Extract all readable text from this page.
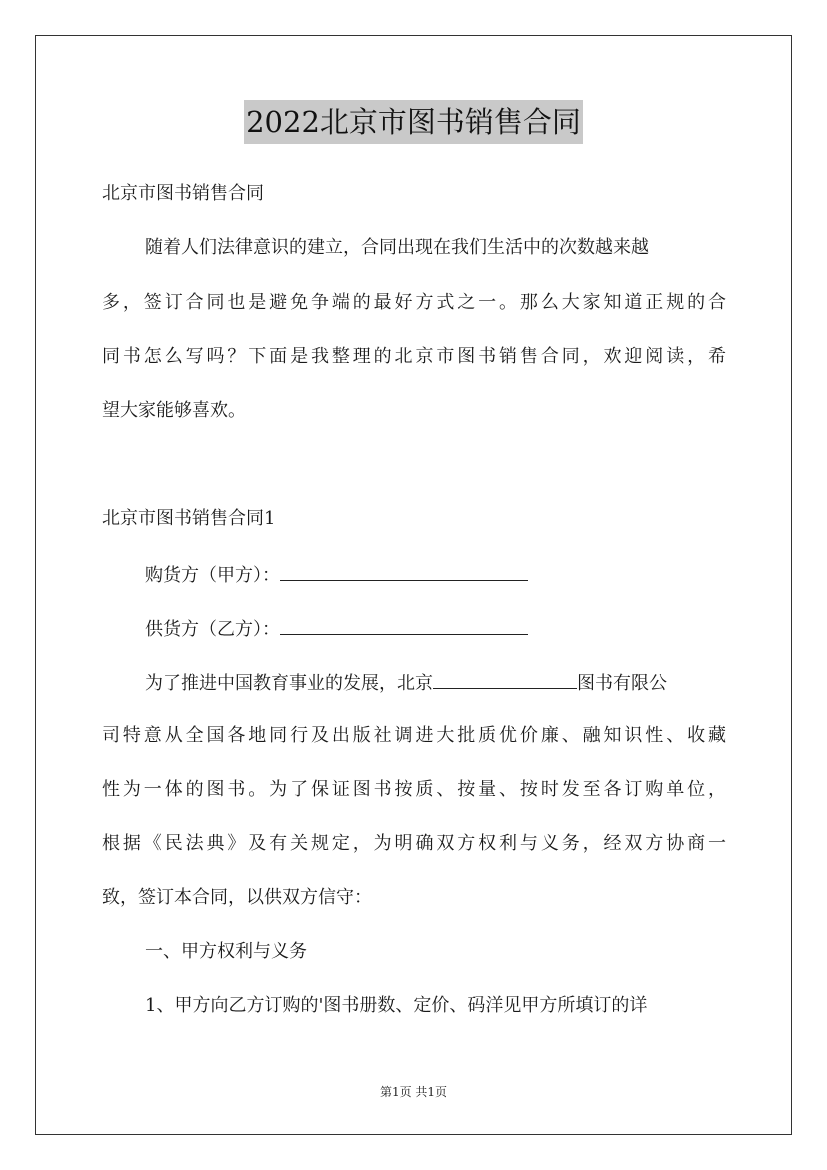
2022北京市图书销售合同
北京市图书销售合同
随着人们法律意识的建立，合同出现在我们生活中的次数越来越
多，签订合同也是避免争端的最好方式之一。那么大家知道正规的合
同书怎么写吗？下面是我整理的北京市图书销售合同，欢迎阅读，希
望大家能够喜欢。
北京市图书销售合同1
购货方（甲方）：
供货方（乙方）：
为了推进中国教育事业的发展，北京	图书有限公
司特意从全国各地同行及出版社调进大批质优价廉、融知识性、收藏
性为一体的图书。为了保证图书按质、按量、按时发至各订购单位，
根据《民法典》及有关规定，为明确双方权利与义务，经双方协商一
致，签订本合同，以供双方信守：
一、甲方权利与义务
1、甲方向乙方订购的'图书册数、定价、码洋见甲方所填订的详
第1页 共1页
